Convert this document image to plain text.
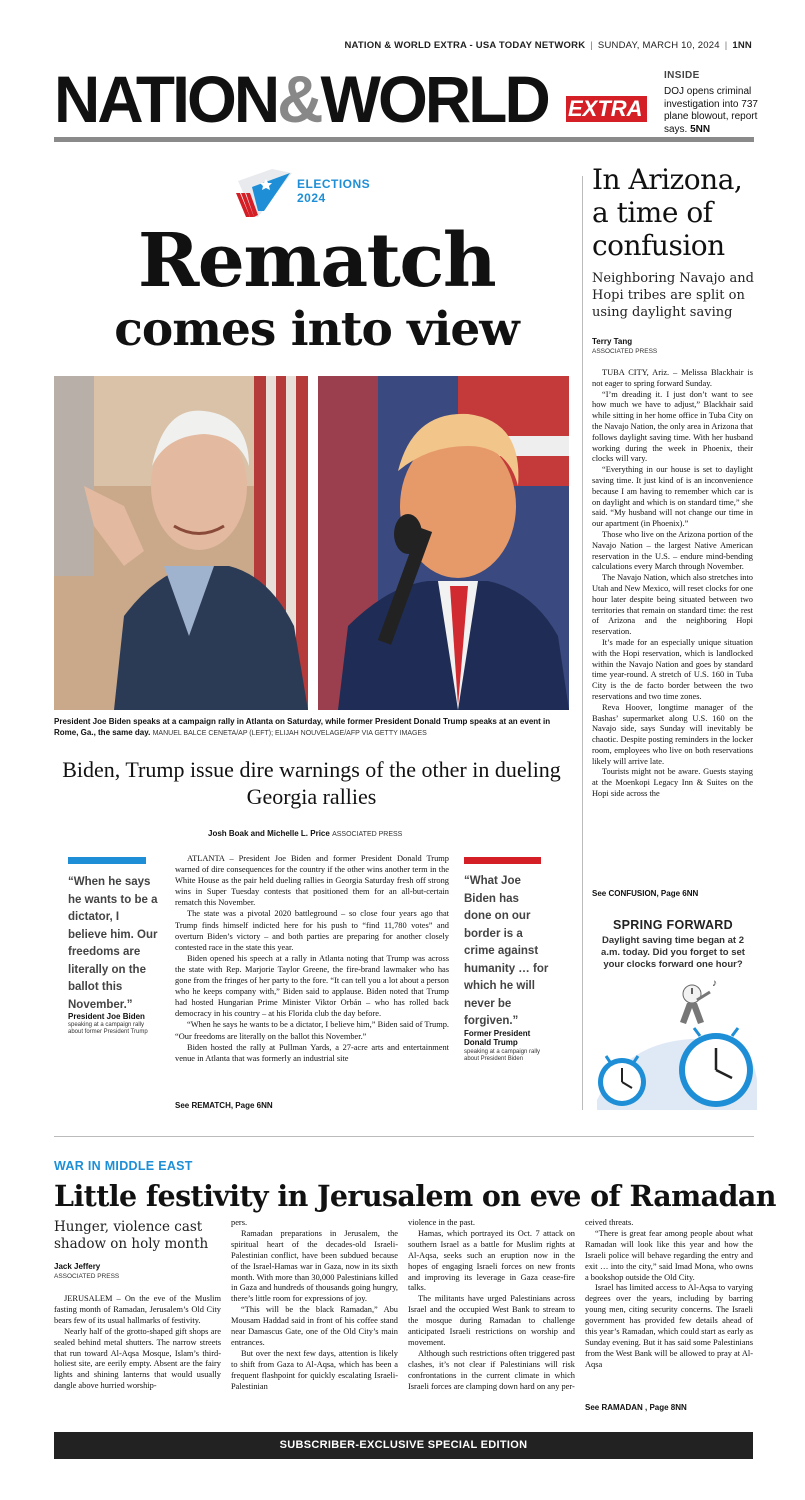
NATION & WORLD EXTRA - USA TODAY NETWORK | SUNDAY, MARCH 10, 2024 | 1NN
NATION&WORLD EXTRA
INSIDE
DOJ opens criminal investigation into 737 plane blowout, report says. 5NN
ELECTIONS
2024
Rematch
comes into view
President Joe Biden speaks at a campaign rally in Atlanta on Saturday, while former President Donald Trump speaks at an event in Rome, Ga., the same day. MANUEL BALCE CENETA/AP (LEFT); ELIJAH NOUVELAGE/AFP VIA GETTY IMAGES
Biden, Trump issue dire warnings of the other in dueling Georgia rallies
Josh Boak and Michelle L. Price ASSOCIATED PRESS
“When he says he wants to be a dictator, I believe him. Our freedoms are literally on the ballot this November.”
President Joe Biden
speaking at a campaign rally about former President Trump
“What Joe Biden has done on our border is a crime against humanity … for which he will never be forgiven.”
Former President Donald Trump
speaking at a campaign rally about President Biden

ATLANTA – President Joe Biden and former President Donald Trump warned of dire consequences for the country if the other wins another term in the White House as the pair held dueling rallies in Georgia Saturday fresh off strong wins in Super Tuesday contests that positioned them for an all-but-certain rematch this November.

The state was a pivotal 2020 battleground – so close four years ago that Trump finds himself indicted here for his push to “find 11,780 votes” and overturn Biden’s victory – and both parties are preparing for another closely contested race in the state this year.

Biden opened his speech at a rally in Atlanta noting that Trump was across the state with Rep. Marjorie Taylor Greene, the fire-brand lawmaker who has gone from the fringes of her party to the fore. “It can tell you a lot about a person who he keeps company with,” Biden said to applause. Biden noted that Trump had hosted Hungarian Prime Minister Viktor Orbán – who has rolled back democracy in his country – at his Florida club the day before.

“When he says he wants to be a dictator, I believe him,” Biden said of Trump. “Our freedoms are literally on the ballot this November.”

Biden hosted the rally at Pullman Yards, a 27-acre arts and entertainment venue in Atlanta that was formerly an industrial site

See REMATCH, Page 6NN
In Arizona, a time of confusion
Neighboring Navajo and Hopi tribes are split on using daylight saving
Terry Tang
ASSOCIATED PRESS

TUBA CITY, Ariz. – Melissa Blackhair is not eager to spring forward Sunday.

“I’m dreading it. I just don’t want to see how much we have to adjust,” Blackhair said while sitting in her home office in Tuba City on the Navajo Nation, the only area in Arizona that follows daylight saving time. With her husband working during the week in Phoenix, their clocks will vary.

“Everything in our house is set to daylight saving time. It just kind of is an inconvenience because I am having to remember which car is on daylight and which is on standard time,” she said. “My husband will not change our time in our apartment (in Phoenix).”

Those who live on the Arizona portion of the Navajo Nation – the largest Native American reservation in the U.S. – endure mind-bending calculations every March through November.

The Navajo Nation, which also stretches into Utah and New Mexico, will reset clocks for one hour later despite being situated between two territories that remain on standard time: the rest of Arizona and the neighboring Hopi reservation.

It’s made for an especially unique situation with the Hopi reservation, which is landlocked within the Navajo Nation and goes by standard time year-round. A stretch of U.S. 160 in Tuba City is the de facto border between the two reservations and two time zones.

Reva Hoover, longtime manager of the Bashas’ supermarket along U.S. 160 on the Navajo side, says Sunday will inevitably be chaotic. Despite posting reminders in the locker room, employees who live on both reservations likely will arrive late.

Tourists might not be aware. Guests staying at the Moenkopi Legacy Inn & Suites on the Hopi side across the

See CONFUSION, Page 6NN
SPRING FORWARD
Daylight saving time began at 2 a.m. today. Did you forget to set your clocks forward one hour?
♪
WAR IN MIDDLE EAST
Little festivity in Jerusalem on eve of Ramadan
Hunger, violence cast shadow on holy month
Jack Jeffery
ASSOCIATED PRESS

JERUSALEM – On the eve of the Muslim fasting month of Ramadan, Jerusalem’s Old City bears few of its usual hallmarks of festivity.

Nearly half of the grotto-shaped gift shops are sealed behind metal shutters. The narrow streets that run toward Al-Aqsa Mosque, Islam’s third-holiest site, are eerily empty. Absent are the fairy lights and shining lanterns that would usually dangle above hurried worship-

pers.

Ramadan preparations in Jerusalem, the spiritual heart of the decades-old Israeli-Palestinian conflict, have been subdued because of the Israel-Hamas war in Gaza, now in its sixth month. With more than 30,000 Palestinians killed in Gaza and hundreds of thousands going hungry, there’s little room for expressions of joy.

“This will be the black Ramadan,” Abu Mousam Haddad said in front of his coffee stand near Damascus Gate, one of the Old City’s main entrances.

But over the next few days, attention is likely to shift from Gaza to Al-Aqsa, which has been a frequent flashpoint for quickly escalating Israeli-Palestinian

violence in the past.

Hamas, which portrayed its Oct. 7 attack on southern Israel as a battle for Muslim rights at Al-Aqsa, seeks such an eruption now in the hopes of engaging Israeli forces on new fronts and improving its leverage in Gaza cease-fire talks.

The militants have urged Palestinians across Israel and the occupied West Bank to stream to the mosque during Ramadan to challenge anticipated Israeli restrictions on worship and movement.

Although such restrictions often triggered past clashes, it’s not clear if Palestinians will risk confrontations in the current climate in which Israeli forces are clamping down hard on any per-

ceived threats.

“There is great fear among people about what Ramadan will look like this year and how the Israeli police will behave regarding the entry and exit … into the city,” said Imad Mona, who owns a bookshop outside the Old City.

Israel has limited access to Al-Aqsa to varying degrees over the years, including by barring young men, citing security concerns. The Israeli government has provided few details ahead of this year’s Ramadan, which could start as early as Sunday evening. But it has said some Palestinians from the West Bank will be allowed to pray at Al-Aqsa

See RAMADAN , Page 8NN
SUBSCRIBER-EXCLUSIVE SPECIAL EDITION
